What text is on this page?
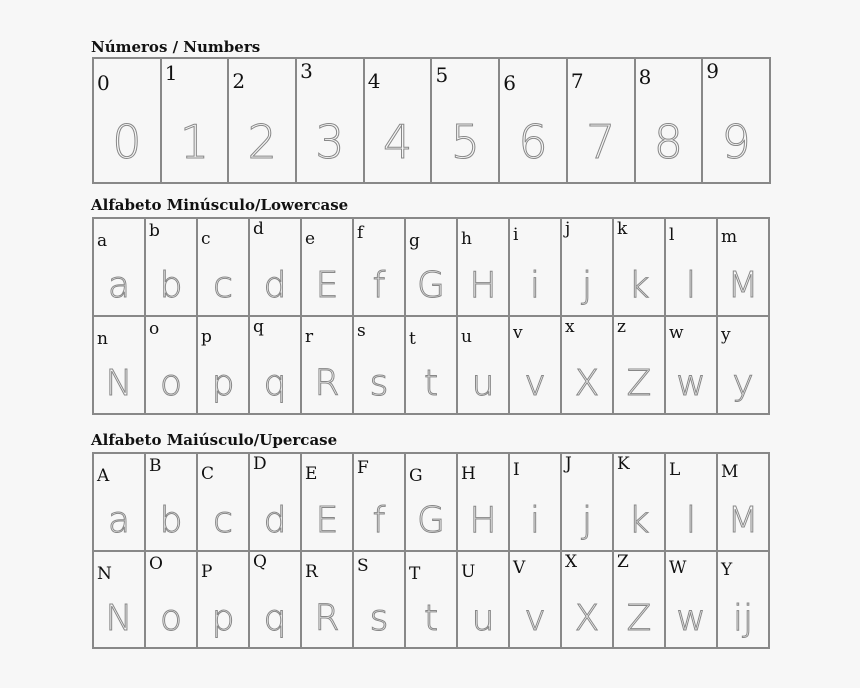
Números / Numbers
0
0
1
1
2
2
3
3
4
4
5
5
6
6
7
7
8
8
9
9
Alfabeto Minúsculo/Lowercase
a
a
b
b
c
c
d
d
e
E
f
f
g
G
h
H
i
i
j
j
k
k
l
l
m
M
n
N
o
o
p
p
q
q
r
R
s
s
t
t
u
u
v
v
x
X
z
Z
w
w
y
y
Alfabeto Maiúsculo/Upercase
A
a
B
b
C
c
D
d
E
E
F
f
G
G
H
H
I
i
J
j
K
k
L
l
M
M
N
N
O
o
P
p
Q
q
R
R
S
s
T
t
U
u
V
v
X
X
Z
Z
W
w
Y
ij
